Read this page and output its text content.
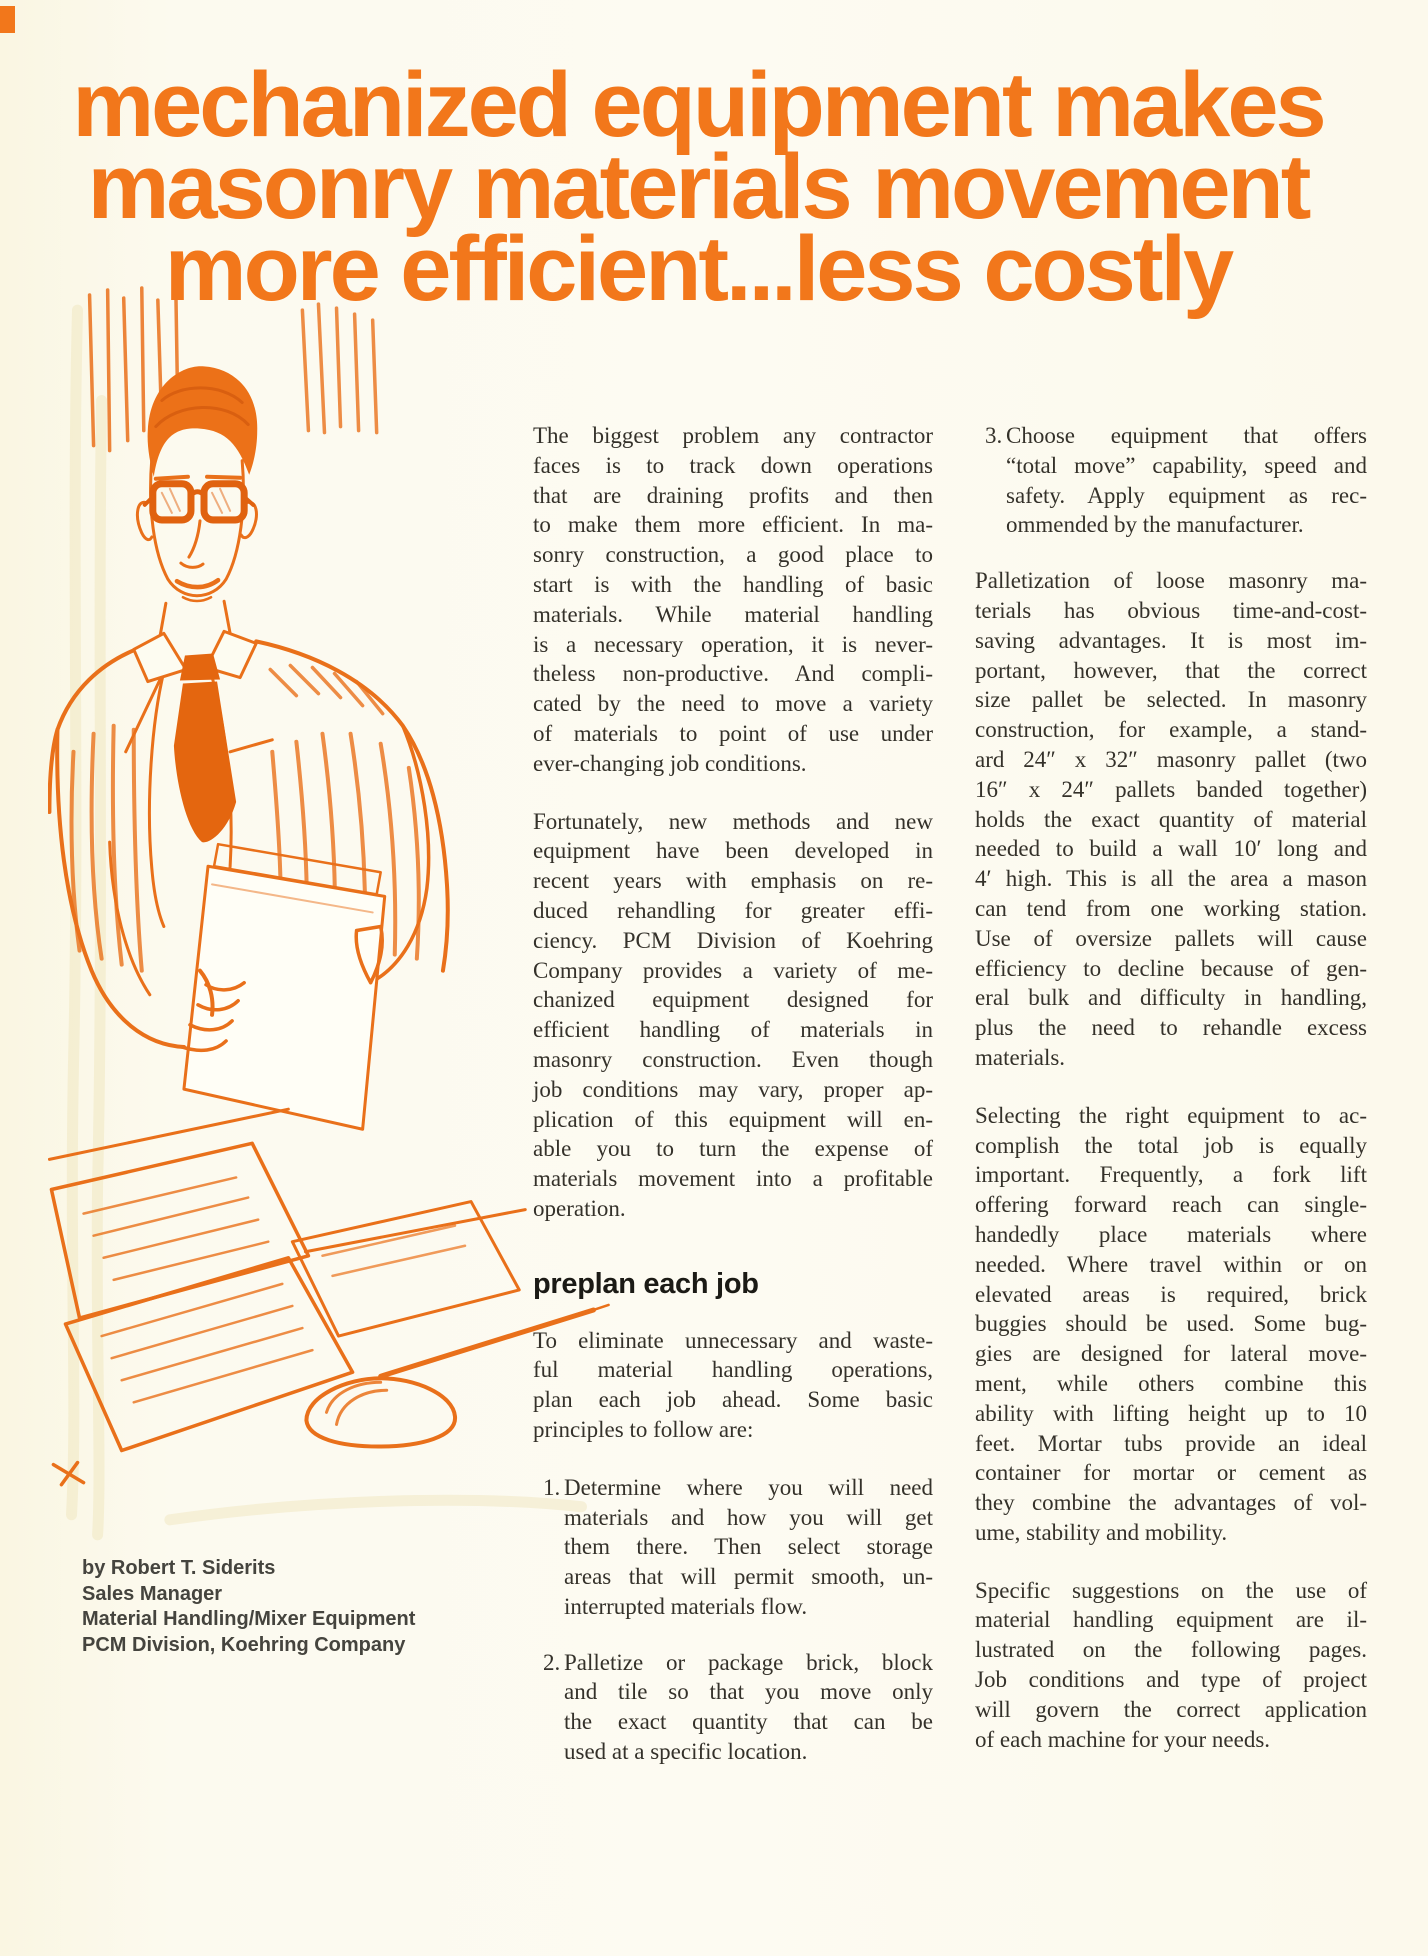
mechanized equipment makes
masonry materials movement
more efficient...less costly
The biggest problem any contractor
faces is to track down operations
that are draining profits and then
to make them more efficient. In ma-
sonry construction, a good place to
start is with the handling of basic
materials. While material handling
is a necessary operation, it is never-
theless non-productive. And compli-
cated by the need to move a variety
of materials to point of use under
ever-changing job conditions.
Fortunately, new methods and new
equipment have been developed in
recent years with emphasis on re-
duced rehandling for greater effi-
ciency. PCM Division of Koehring
Company provides a variety of me-
chanized equipment designed for
efficient handling of materials in
masonry construction. Even though
job conditions may vary, proper ap-
plication of this equipment will en-
able you to turn the expense of
materials movement into a profitable
operation.
preplan each job
To eliminate unnecessary and waste-
ful material handling operations,
plan each job ahead. Some basic
principles to follow are:
1. Determine where you will need
materials and how you will get
them there. Then select storage
areas that will permit smooth, un-
interrupted materials flow.
2. Palletize or package brick, block
and tile so that you move only
the exact quantity that can be
used at a specific location.
3. Choose equipment that offers
“total move” capability, speed and
safety. Apply equipment as rec-
ommended by the manufacturer.
Palletization of loose masonry ma-
terials has obvious time-and-cost-
saving advantages. It is most im-
portant, however, that the correct
size pallet be selected. In masonry
construction, for example, a stand-
ard 24″ x 32″ masonry pallet (two
16″ x 24″ pallets banded together)
holds the exact quantity of material
needed to build a wall 10′ long and
4′ high. This is all the area a mason
can tend from one working station.
Use of oversize pallets will cause
efficiency to decline because of gen-
eral bulk and difficulty in handling,
plus the need to rehandle excess
materials.
Selecting the right equipment to ac-
complish the total job is equally
important. Frequently, a fork lift
offering forward reach can single-
handedly place materials where
needed. Where travel within or on
elevated areas is required, brick
buggies should be used. Some bug-
gies are designed for lateral move-
ment, while others combine this
ability with lifting height up to 10
feet. Mortar tubs provide an ideal
container for mortar or cement as
they combine the advantages of vol-
ume, stability and mobility.
Specific suggestions on the use of
material handling equipment are il-
lustrated on the following pages.
Job conditions and type of project
will govern the correct application
of each machine for your needs.
by Robert T. Siderits
Sales Manager
Material Handling/Mixer Equipment
PCM Division, Koehring Company
